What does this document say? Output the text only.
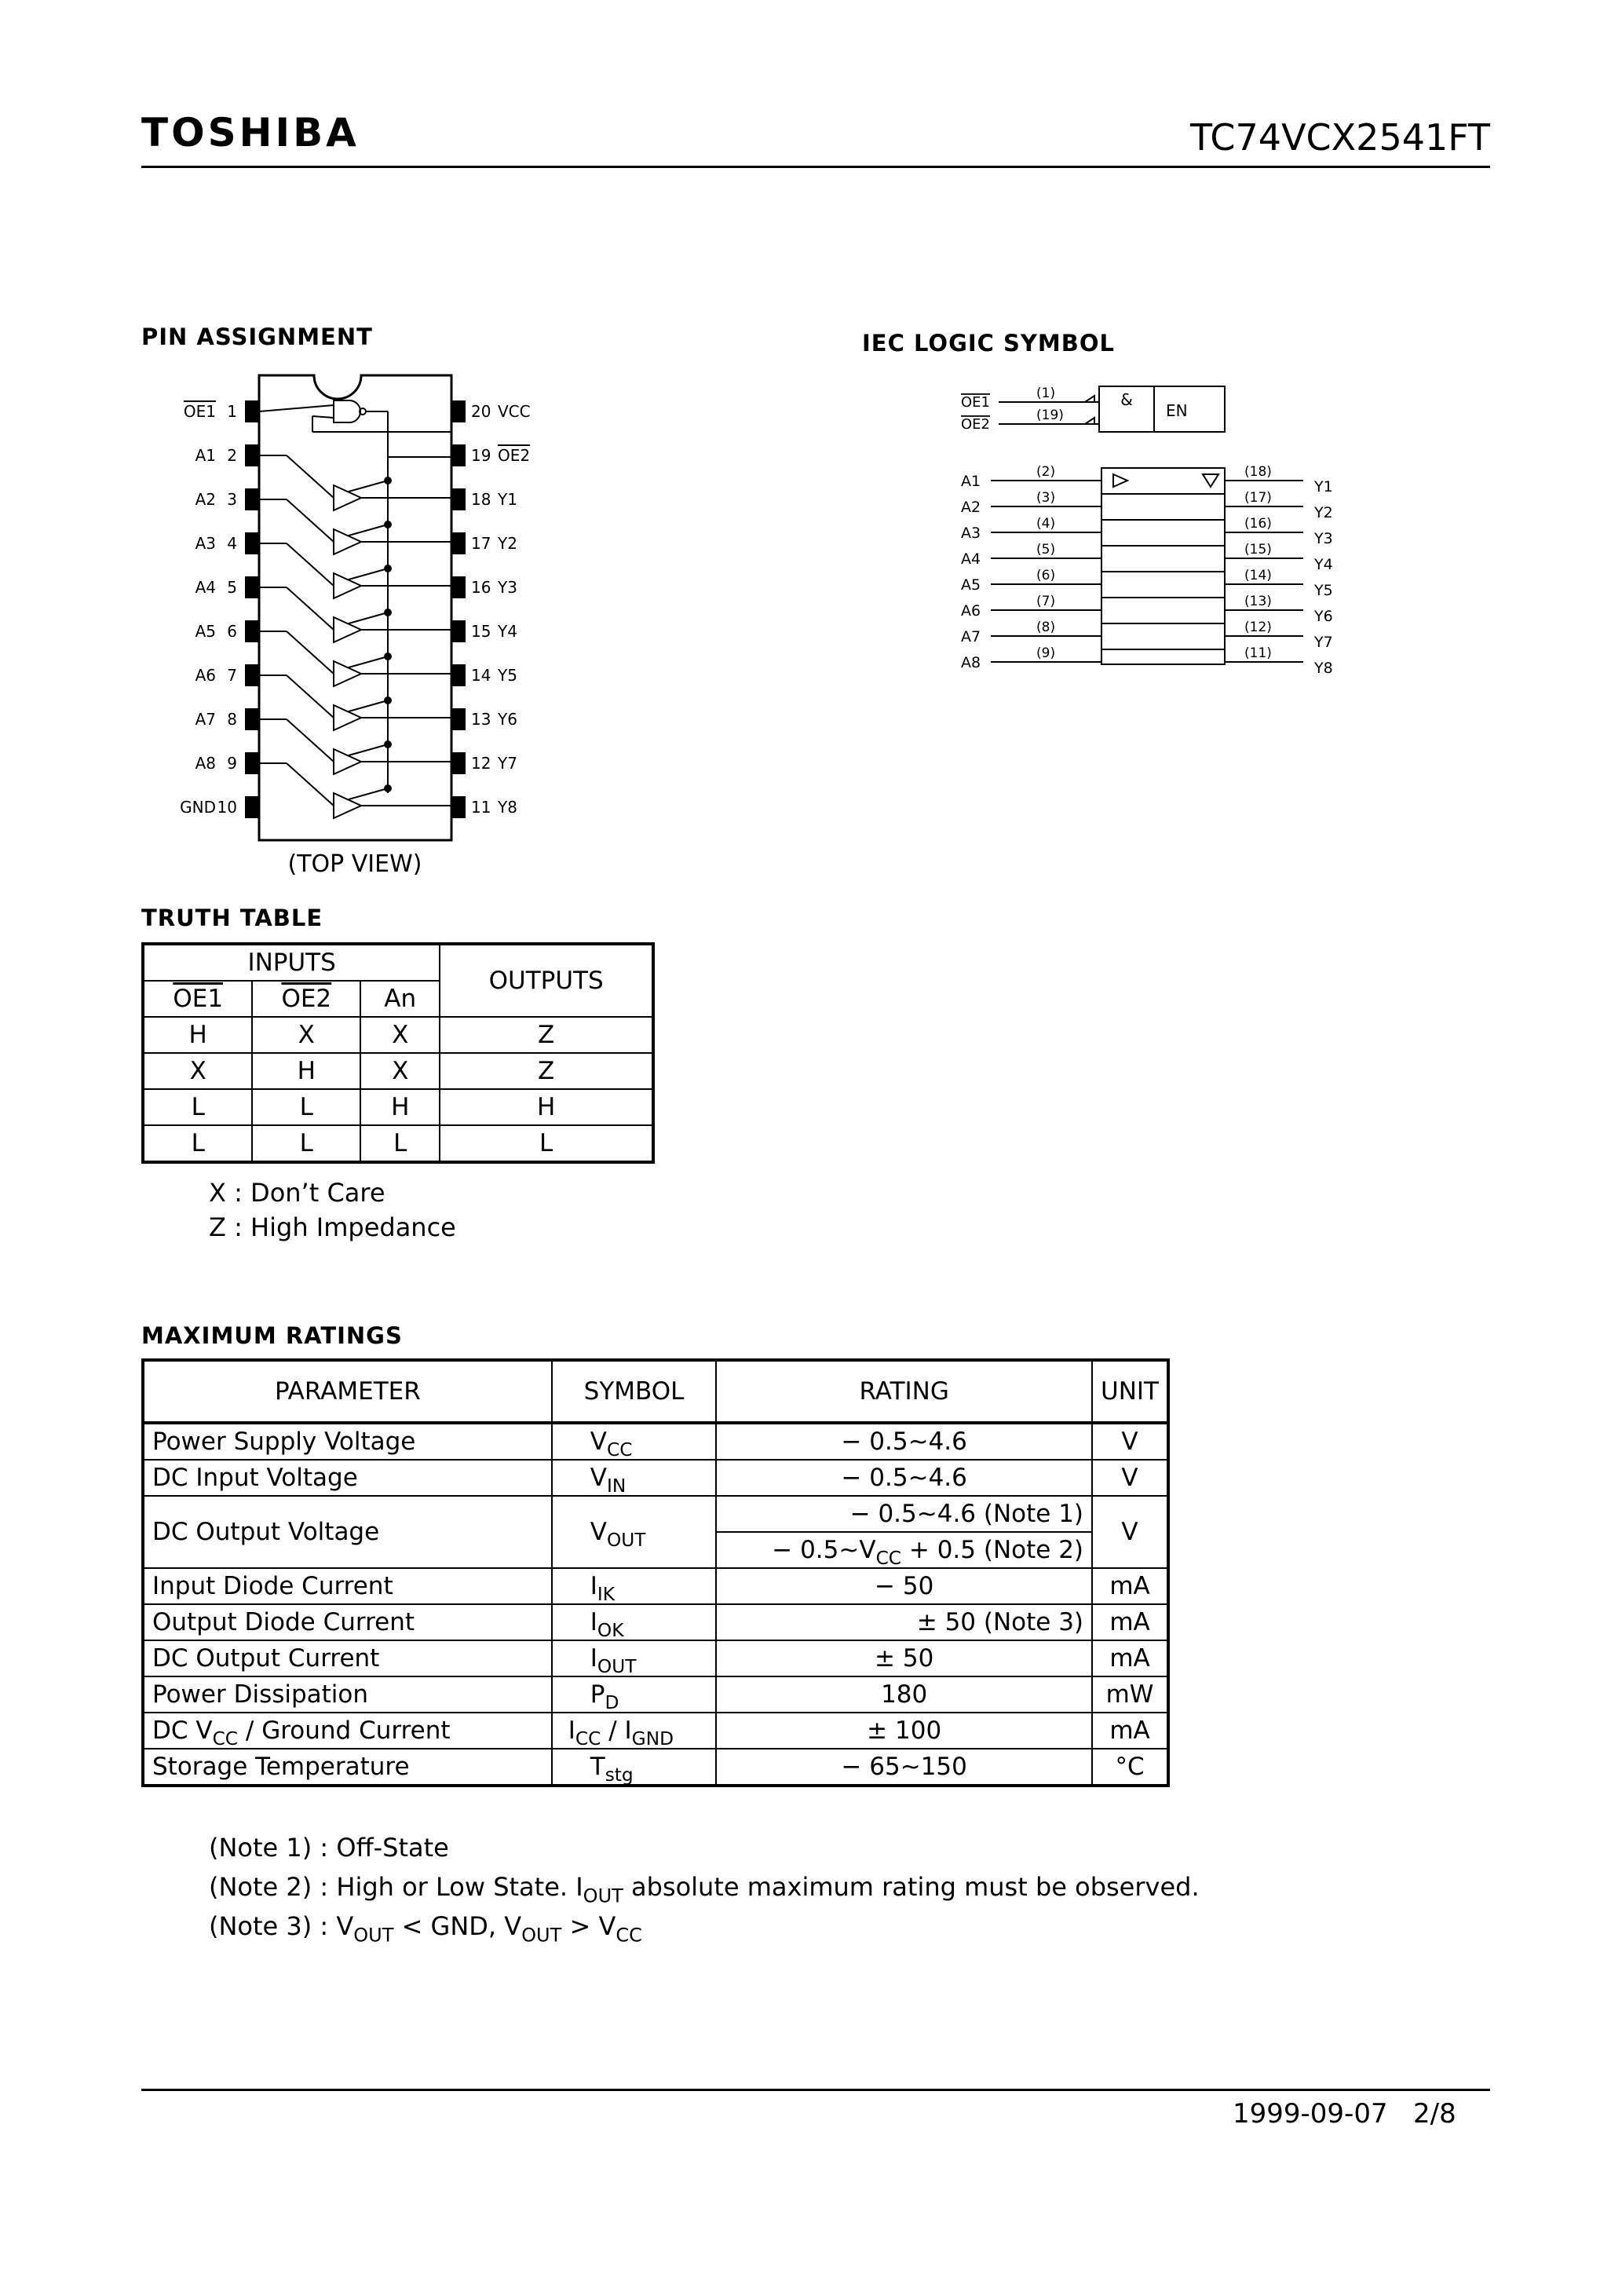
TOSHIBA	TC74VCX2541FT
PIN ASSIGNMENT	IEC LOGIC SYMBOL
1
OE1
2
A1
3
A2
4
A3
5
A4
6
A5
7
A6
8
A7
9
A8
10
GND
20 VCC
19 OE2
18 Y1
17 Y2
16 Y3
15 Y4
14 Y5
13 Y6
12 Y7
11 Y8
(TOP VIEW)
OE1
(1)
OE2
(19)
A1
(2)
A2
(3)
A3
(4)
A4
(5)
A5
(6)
A6
(7)
A7
(8)
A8
(9)
(18)
Y1
(17)
Y2
(16)
Y3
(15)
Y4
(14)
Y5
(13)
Y6
(12)
Y7
(11)
Y8
&
EN
TRUTH TABLE
INPUTS			OUTPUTS
OE1	OE2	An	
H	X	X	Z
X	H	X	Z
L	L	H	H
L	L	L	L
X : Don’t Care
Z : High Impedance
MAXIMUM RATINGS
PARAMETER	SYMBOL	RATING	UNIT
Power Supply Voltage	$V_{CC}$	− 0.5~4.6	V
DC Input Voltage	$V_{IN}$	− 0.5~4.6	V
DC Output Voltage	$V_{OUT}$	− 0.5~4.6 (Note 1)	V
		− $0.5\sim V_{CC} + 0.5$ (Note 2)	
Input Diode Current	$I_{IK}$	− 50	mA
Output Diode Current	$I_{OK}$	± 50 (Note 3)	mA
DC Output Current	$I_{OUT}$	± 50	mA
Power Dissipation	$P_D$	180	mW
DC $V_{CC}$ / Ground Current	$I_{CC} / I_{GND}$	± 100	mA
Storage Temperature	$T_{stg}$	− 65~150	°C
(Note 1) : Off-State
(Note 2) : High or Low State. $I_{OUT}$ absolute maximum rating must be observed.
(Note 3) : $V_{OUT}$ < GND, $V_{OUT} > V_{CC}$
1999-09-07 2/8
